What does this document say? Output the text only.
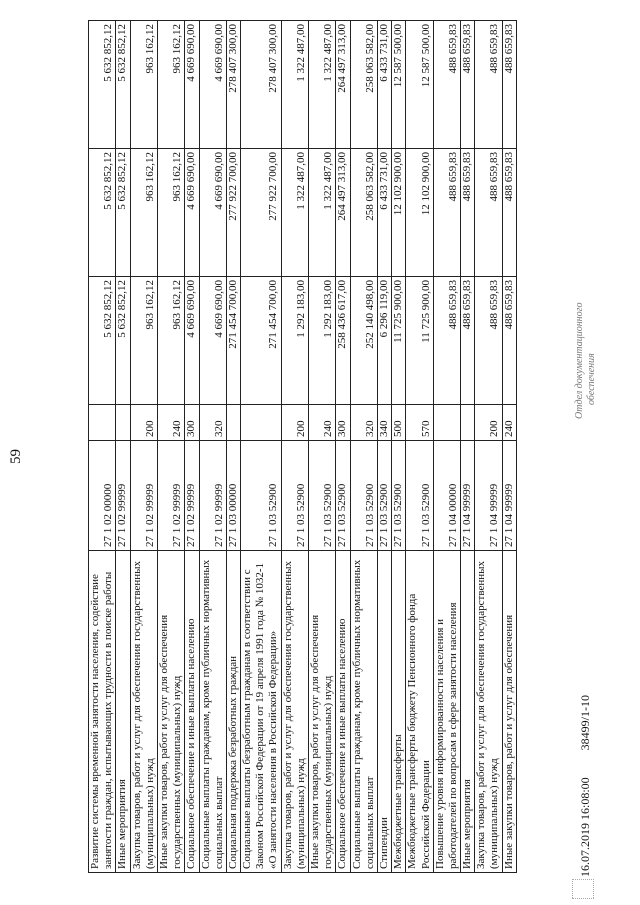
59
Развитие системы временной занятости населения, содействие занятости граждан, испытывающих трудности в поиске работы	27 1 02 00000		5 632 852,12	5 632 852,12	5 632 852,12
Иные мероприятия	27 1 02 99999		5 632 852,12	5 632 852,12	5 632 852,12
Закупка товаров, работ и услуг для обеспечения государственных (муниципальных) нужд	27 1 02 99999	200	963 162,12	963 162,12	963 162,12
Иные закупки товаров, работ и услуг для обеспечения государственных (муниципальных) нужд	27 1 02 99999	240	963 162,12	963 162,12	963 162,12
Социальное обеспечение и иные выплаты населению	27 1 02 99999	300	4 669 690,00	4 669 690,00	4 669 690,00
Социальные выплаты гражданам, кроме публичных нормативных социальных выплат	27 1 02 99999	320	4 669 690,00	4 669 690,00	4 669 690,00
Социальная поддержка безработных граждан	27 1 03 00000		271 454 700,00	277 922 700,00	278 407 300,00
Социальные выплаты безработным гражданам в соответствии с Законом Российской Федерации от 19 апреля 1991 года № 1032-1 «О занятости населения в Российской Федерации»	27 1 03 52900		271 454 700,00	277 922 700,00	278 407 300,00
Закупка товаров, работ и услуг для обеспечения государственных (муниципальных) нужд	27 1 03 52900	200	1 292 183,00	1 322 487,00	1 322 487,00
Иные закупки товаров, работ и услуг для обеспечения государственных (муниципальных) нужд	27 1 03 52900	240	1 292 183,00	1 322 487,00	1 322 487,00
Социальное обеспечение и иные выплаты населению	27 1 03 52900	300	258 436 617,00	264 497 313,00	264 497 313,00
Социальные выплаты гражданам, кроме публичных нормативных социальных выплат	27 1 03 52900	320	252 140 498,00	258 063 582,00	258 063 582,00
Стипендии	27 1 03 52900	340	6 296 119,00	6 433 731,00	6 433 731,00
Межбюджетные трансферты	27 1 03 52900	500	11 725 900,00	12 102 900,00	12 587 500,00
Межбюджетные трансферты бюджету Пенсионного фонда Российской Федерации	27 1 03 52900	570	11 725 900,00	12 102 900,00	12 587 500,00
Повышение уровня информированности населения и работодателей по вопросам в сфере занятости населения	27 1 04 00000		488 659,83	488 659,83	488 659,83
Иные мероприятия	27 1 04 99999		488 659,83	488 659,83	488 659,83
Закупка товаров, работ и услуг для обеспечения государственных (муниципальных) нужд	27 1 04 99999	200	488 659,83	488 659,83	488 659,83
Иные закупки товаров, работ и услуг для обеспечения	27 1 04 99999	240	488 659,83	488 659,83	488 659,83
16.07.2019 16:08:00 38499/1-10
Отдел документационного обеспечения
